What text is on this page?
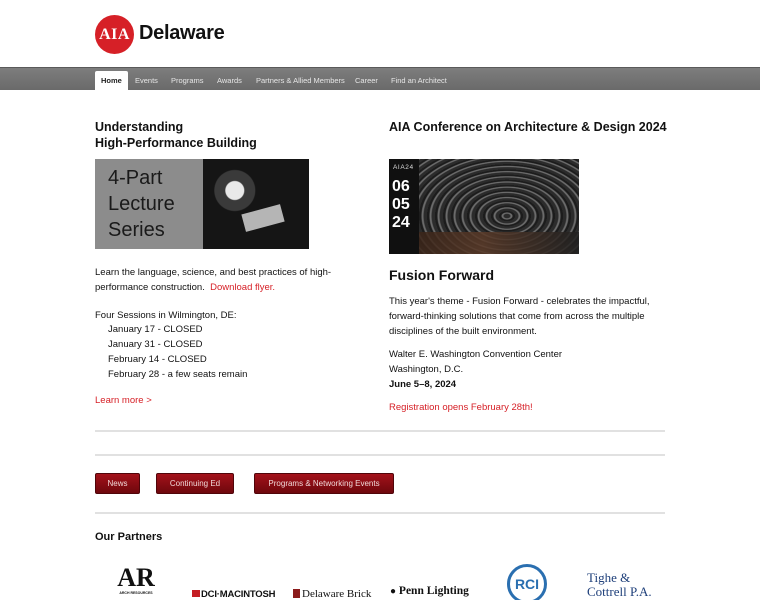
AIA Delaware
Home	Events	Programs	Awards	Partners & Allied Members	Career	Find an Architect
Understanding
High-Performance Building
4-Part
Lecture
Series
Learn the language, science, and best practices of high-
performance construction. Download flyer.
Four Sessions in Wilmington, DE:
January 17 - CLOSED
January 31 - CLOSED
February 14 - CLOSED
February 28 - a few seats remain
Learn more >
AIA Conference on Architecture & Design 2024
AIA24
06
05
24
Fusion Forward
This year's theme - Fusion Forward - celebrates the impactful,
forward-thinking solutions that come from across the multiple
disciplines of the built environment.
Walter E. Washington Convention Center
Washington, D.C.
June 5–8, 2024
Registration opens February 28th!
News	Continuing Ed	Programs & Networking Events
Our Partners
AR
ARCH RESOURCES	DCI·MACINTOSH	Delaware Brick ● Penn Lighting	RCI	Tighe & Cottrell P.A.
